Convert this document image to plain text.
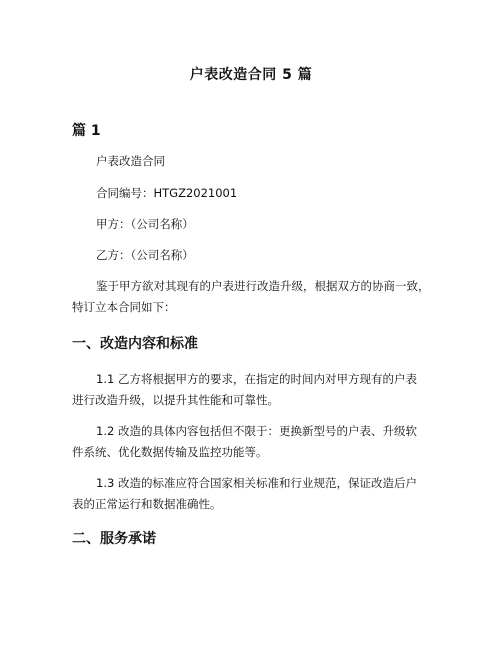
户表改造合同 5 篇
篇 1
户表改造合同
合同编号：HTGZ2021001
甲方：（公司名称）
乙方：（公司名称）
鉴于甲方欲对其现有的户表进行改造升级，根据双方的协商一致，
特订立本合同如下：
一、改造内容和标准
1.1 乙方将根据甲方的要求，在指定的时间内对甲方现有的户表
进行改造升级，以提升其性能和可靠性。
1.2 改造的具体内容包括但不限于：更换新型号的户表、升级软
件系统、优化数据传输及监控功能等。
1.3 改造的标准应符合国家相关标准和行业规范，保证改造后户
表的正常运行和数据准确性。
二、服务承诺
